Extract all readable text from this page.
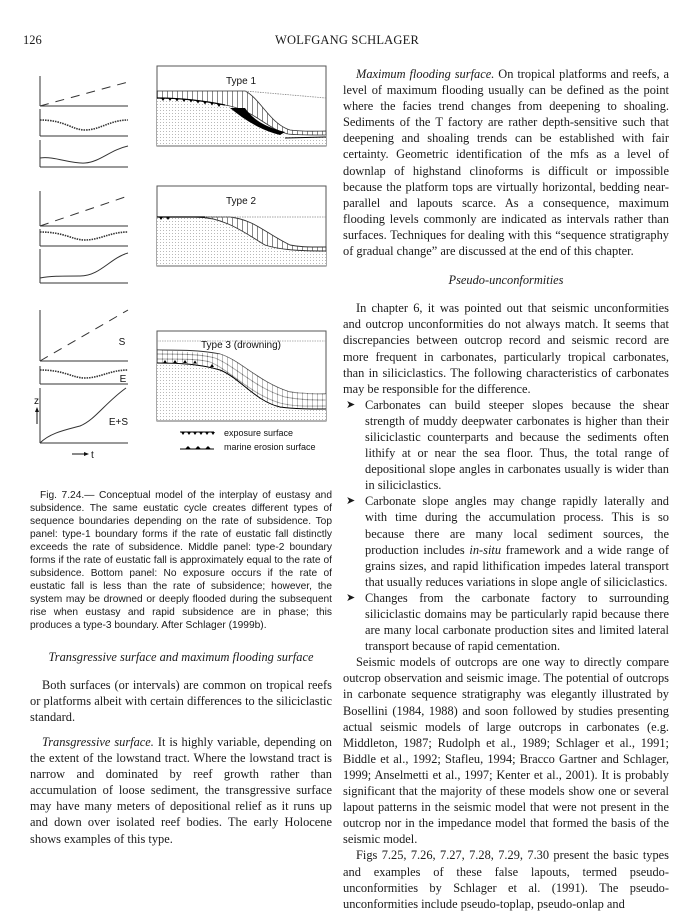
126	WOLFGANG SCHLAGER
Type 1
Type 2
S
E
E+S
z
t
Type 3 (drowning)
exposure surface
marine erosion surface
Fig. 7.24.— Conceptual model of the interplay of eustasy and subsidence. The same eustatic cycle creates different types of sequence boundaries depending on the rate of subsidence. Top panel: type-1 boundary forms if the rate of eustatic fall distinctly exceeds the rate of subsidence. Middle panel: type-2 boundary forms if the rate of eustatic fall is approximately equal to the rate of subsidence. Bottom panel: No exposure occurs if the rate of eustatic fall is less than the rate of subsidence; however, the system may be drowned or deeply flooded during the subsequent rise when eustasy and rapid subsidence are in phase; this produces a type-3 boundary. After Schlager (1999b).
Transgressive surface and maximum flooding surface
Both surfaces (or intervals) are common on tropical reefs or platforms albeit with certain differences to the siliciclastic standard.
Transgressive surface. It is highly variable, depending on the extent of the lowstand tract. Where the lowstand tract is narrow and dominated by reef growth rather than accumulation of loose sediment, the transgressive surface may have many meters of depositional relief as it runs up and down over isolated reef bodies. The early Holocene shows examples of this type.

Maximum flooding surface. On tropical platforms and reefs, a level of maximum flooding usually can be defined as the point where the facies trend changes from deepening to shoaling. Sediments of the T factory are rather depth-sensitive such that deepening and shoaling trends can be established with fair certainty. Geometric identification of the mfs as a level of downlap of highstand clinoforms is difficult or impossible because the platform tops are virtually horizontal, bedding near-parallel and lapouts scarce. As a consequence, maximum flooding levels commonly are indicated as intervals rather than surfaces. Techniques for dealing with this “sequence stratigraphy of gradual change” are discussed at the end of this chapter.

Pseudo-unconformities

In chapter 6, it was pointed out that seismic unconformities and outcrop unconformities do not always match. It seems that discrepancies between outcrop record and seismic record are more frequent in carbonates, particularly tropical carbonates, than in siliciclastics. The following characteristics of carbonates may be responsible for the difference.

➤ Carbonates can build steeper slopes because the shear strength of muddy deepwater carbonates is higher than their siliciclastic counterparts and because the sediments often lithify at or near the sea floor. Thus, the total range of depositional slope angles in carbonates usually is wider than in siliciclastics.
➤ Carbonate slope angles may change rapidly laterally and with time during the accumulation process. This is so because there are many local sediment sources, the production includes in-situ framework and a wide range of grains sizes, and rapid lithification impedes lateral transport that usually reduces variations in slope angle of siliciclastics.
➤ Changes from the carbonate factory to surrounding siliciclastic domains may be particularly rapid because there are many local carbonate production sites and limited lateral transport because of rapid cementation.

Seismic models of outcrops are one way to directly compare outcrop observation and seismic image. The potential of outcrops in carbonate sequence stratigraphy was elegantly illustrated by Bosellini (1984, 1988) and soon followed by studies presenting actual seismic models of large outcrops in carbonates (e.g. Middleton, 1987; Rudolph et al., 1989; Schlager et al., 1991; Biddle et al., 1992; Stafleu, 1994; Bracco Gartner and Schlager, 1999; Anselmetti et al., 1997; Kenter et al., 2001). It is probably significant that the majority of these models show one or several lapout patterns in the seismic model that were not present in the outcrop nor in the impedance model that formed the basis of the seismic model.

Figs 7.25, 7.26, 7.27, 7.28, 7.29, 7.30 present the basic types and examples of these false lapouts, termed pseudo-unconformities by Schlager et al. (1991). The pseudo-unconformities include pseudo-toplap, pseudo-onlap and
